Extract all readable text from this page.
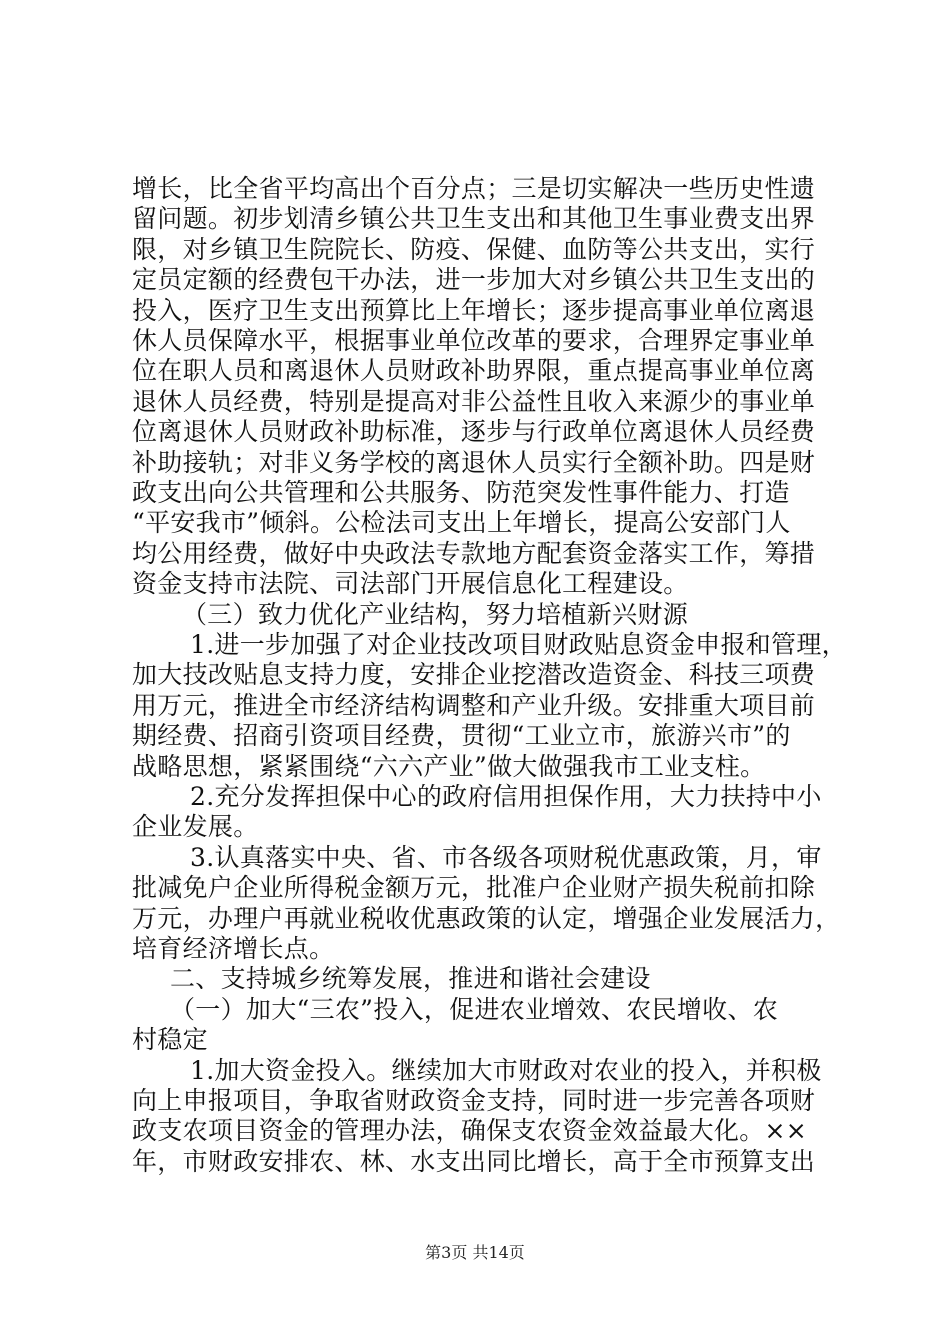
增长，比全省平均高出个百分点；三是切实解决一些历史性遗
留问题。初步划清乡镇公共卫生支出和其他卫生事业费支出界
限，对乡镇卫生院院长、防疫、保健、血防等公共支出，实行
定员定额的经费包干办法，进一步加大对乡镇公共卫生支出的
投入，医疗卫生支出预算比上年增长；逐步提高事业单位离退
休人员保障水平，根据事业单位改革的要求，合理界定事业单
位在职人员和离退休人员财政补助界限，重点提高事业单位离
退休人员经费，特别是提高对非公益性且收入来源少的事业单
位离退休人员财政补助标准，逐步与行政单位离退休人员经费
补助接轨；对非义务学校的离退休人员实行全额补助。四是财
政支出向公共管理和公共服务、防范突发性事件能力、打造
“平安我市”倾斜。公检法司支出上年增长，提高公安部门人
均公用经费，做好中央政法专款地方配套资金落实工作，筹措
资金支持市法院、司法部门开展信息化工程建设。
（三）致力优化产业结构，努力培植新兴财源
1.进一步加强了对企业技改项目财政贴息资金申报和管理，
加大技改贴息支持力度，安排企业挖潜改造资金、科技三项费
用万元，推进全市经济结构调整和产业升级。安排重大项目前
期经费、招商引资项目经费，贯彻“工业立市，旅游兴市”的
战略思想，紧紧围绕“六六产业”做大做强我市工业支柱。
2.充分发挥担保中心的政府信用担保作用，大力扶持中小
企业发展。
3.认真落实中央、省、市各级各项财税优惠政策，月，审
批减免户企业所得税金额万元，批准户企业财产损失税前扣除
万元，办理户再就业税收优惠政策的认定，增强企业发展活力，
培育经济增长点。
二、支持城乡统筹发展，推进和谐社会建设
（一）加大“三农”投入，促进农业增效、农民增收、农
村稳定
1.加大资金投入。继续加大市财政对农业的投入，并积极
向上申报项目，争取省财政资金支持，同时进一步完善各项财
政支农项目资金的管理办法，确保支农资金效益最大化。××
年，市财政安排农、林、水支出同比增长，高于全市预算支出
第3页 共14页
